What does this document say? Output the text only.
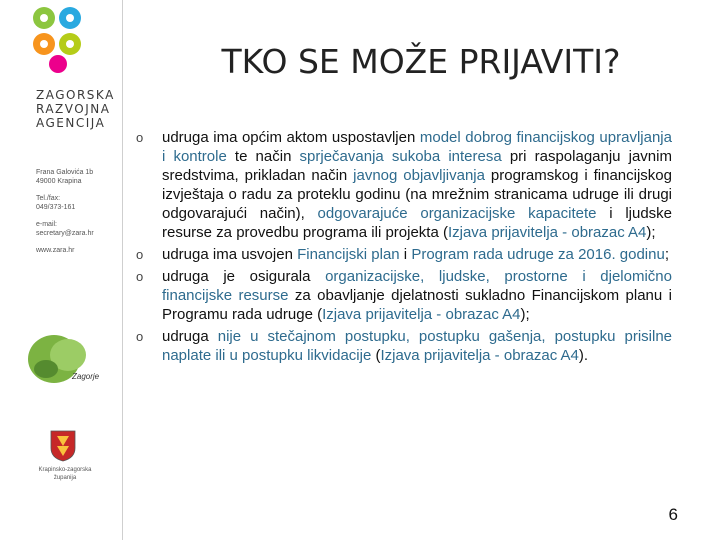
ZAGORSKA
RAZVOJNA
AGENCIJA
Frana Galovića 1b
49000 Krapina
Tel./fax:
049/373-161
e-mail:
secretary@zara.hr
www.zara.hr
Zagorje
Krapinsko-zagorska
županija
TKO SE MOŽE PRIJAVITI?
o udruga ima općim aktom uspostavljen model dobrog financijskog upravljanja i kontrole te način sprječavanja sukoba interesa pri raspolaganju javnim sredstvima, prikladan način javnog objavljivanja programskog i financijskog izvještaja o radu za proteklu godinu (na mrežnim stranicama udruge ili drugi odgovarajući način), odgovarajuće organizacijske kapacitete i ljudske resurse za provedbu programa ili projekta (Izjava prijavitelja - obrazac A4);
o udruga ima usvojen Financijski plan i Program rada udruge za 2016. godinu;
o udruga je osigurala organizacijske, ljudske, prostorne i djelomično financijske resurse za obavljanje djelatnosti sukladno Financijskom planu i Programu rada udruge (Izjava prijavitelja - obrazac A4);
o udruga nije u stečajnom postupku, postupku gašenja, postupku prisilne naplate ili u postupku likvidacije (Izjava prijavitelja - obrazac A4).
6
